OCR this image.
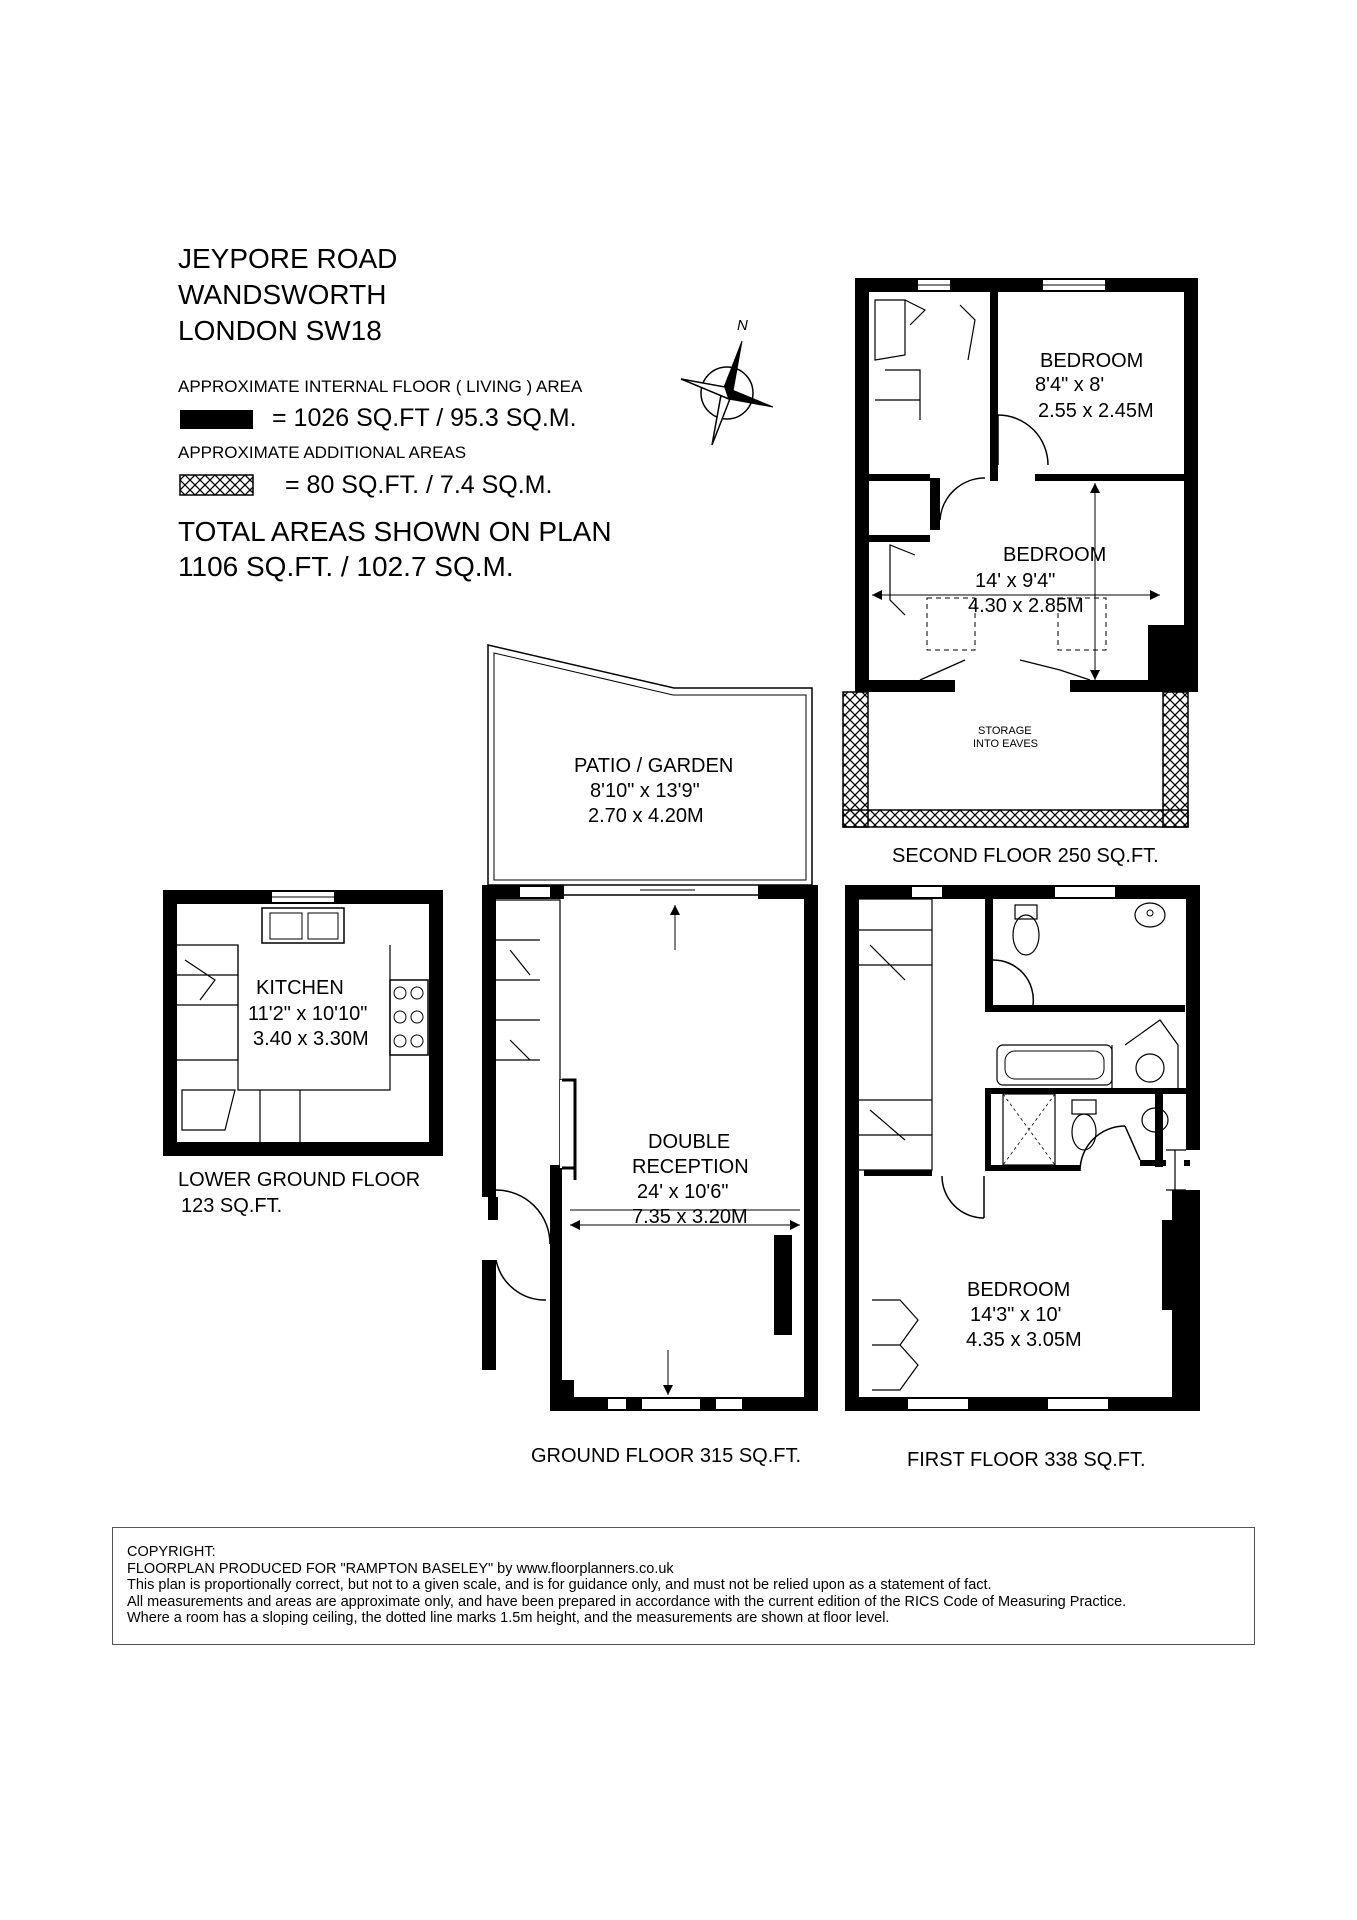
JEYPORE ROAD
WANDSWORTH
LONDON SW18
APPROXIMATE INTERNAL FLOOR ( LIVING ) AREA
= 1026 SQ.FT / 95.3 SQ.M.
APPROXIMATE ADDITIONAL AREAS
= 80 SQ.FT. / 7.4 SQ.M.
TOTAL AREAS SHOWN ON PLAN
1106 SQ.FT. / 102.7 SQ.M.
N
BEDROOM
8'4" x 8'
2.55 x 2.45M
BEDROOM
14' x 9'4"
4.30 x 2.85M
STORAGE
INTO EAVES
SECOND FLOOR 250 SQ.FT.
PATIO / GARDEN
8'10" x 13'9"
2.70 x 4.20M
KITCHEN
11'2" x 10'10"
3.40 x 3.30M
LOWER GROUND FLOOR
123 SQ.FT.
DOUBLE
RECEPTION
24' x 10'6"
7.35 x 3.20M
GROUND FLOOR 315 SQ.FT.
BEDROOM
14'3" x 10'
4.35 x 3.05M
FIRST FLOOR 338 SQ.FT.
COPYRIGHT:
FLOORPLAN PRODUCED FOR "RAMPTON BASELEY" by www.floorplanners.co.uk
This plan is proportionally correct, but not to a given scale, and is for guidance only, and must not be relied upon as a statement of fact.
All measurements and areas are approximate only, and have been prepared in accordance with the current edition of the RICS Code of Measuring Practice.
Where a room has a sloping ceiling, the dotted line marks 1.5m height, and the measurements are shown at floor level.
